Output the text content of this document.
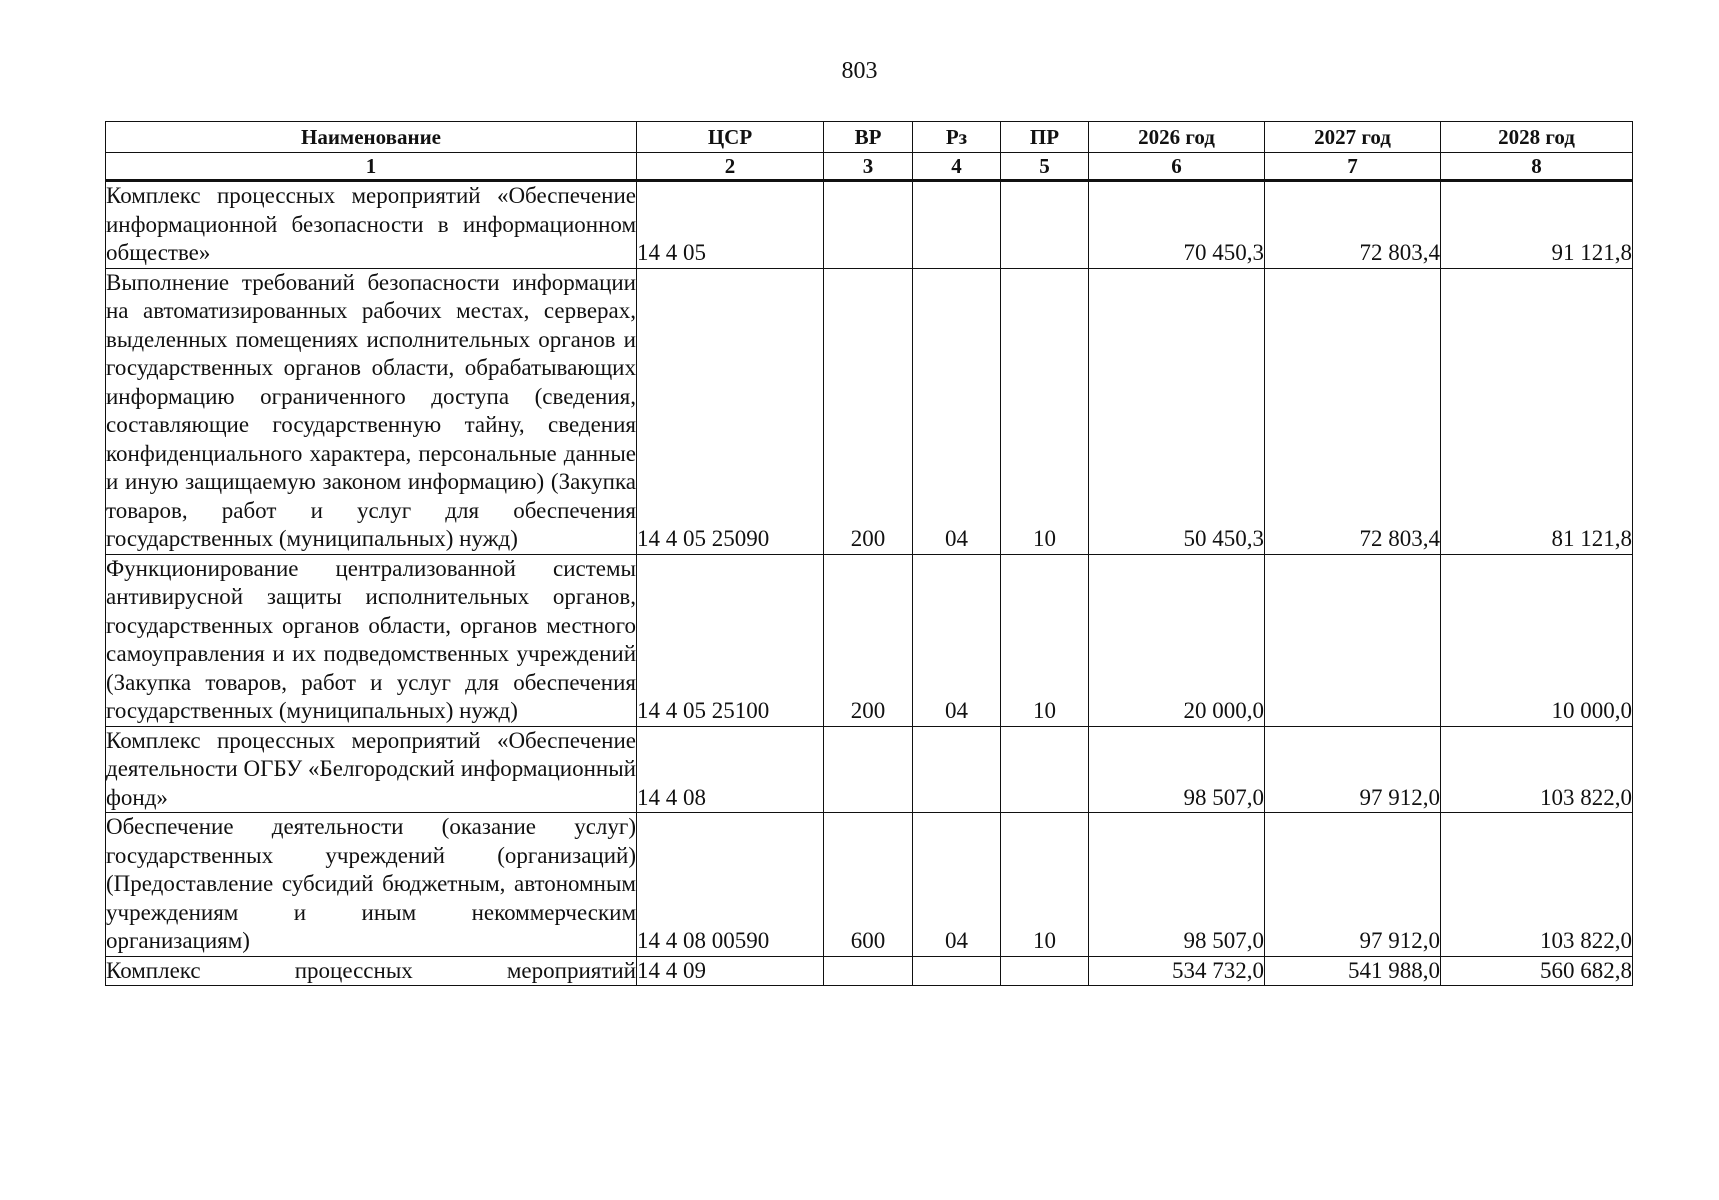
803
Наименование	ЦСР	ВР	Рз	ПР	2026 год	2027 год	2028 год
1	2	3	4	5	6	7	8
Комплекс процессных мероприятий «Обеспечение информационной безопасности в информационном обществе»	14 4 05				70 450,3	72 803,4	91 121,8
Выполнение требований безопасности информации на автоматизированных рабочих местах, серверах, выделенных помещениях исполнительных органов и государственных органов области, обрабатывающих информацию ограниченного доступа (сведения, составляющие государственную тайну, сведения конфиденциального характера, персональные данные и иную защищаемую законом информацию) (Закупка товаров, работ и услуг для обеспечения государственных (муниципальных) нужд)	14 4 05 25090	200	04	10	50 450,3	72 803,4	81 121,8
Функционирование централизованной системы антивирусной защиты исполнительных органов, государственных органов области, органов местного самоуправления и их подведомственных учреждений (Закупка товаров, работ и услуг для обеспечения государственных (муниципальных) нужд)	14 4 05 25100	200	04	10	20 000,0		10 000,0
Комплекс процессных мероприятий «Обеспечение деятельности ОГБУ «Белгородский информационный фонд»	14 4 08				98 507,0	97 912,0	103 822,0
Обеспечение деятельности (оказание услуг) государственных учреждений (организаций) (Предоставление субсидий бюджетным, автономным учреждениям и иным некоммерческим организациям)	14 4 08 00590	600	04	10	98 507,0	97 912,0	103 822,0
Комплекс процессных мероприятий	14 4 09				534 732,0	541 988,0	560 682,8
